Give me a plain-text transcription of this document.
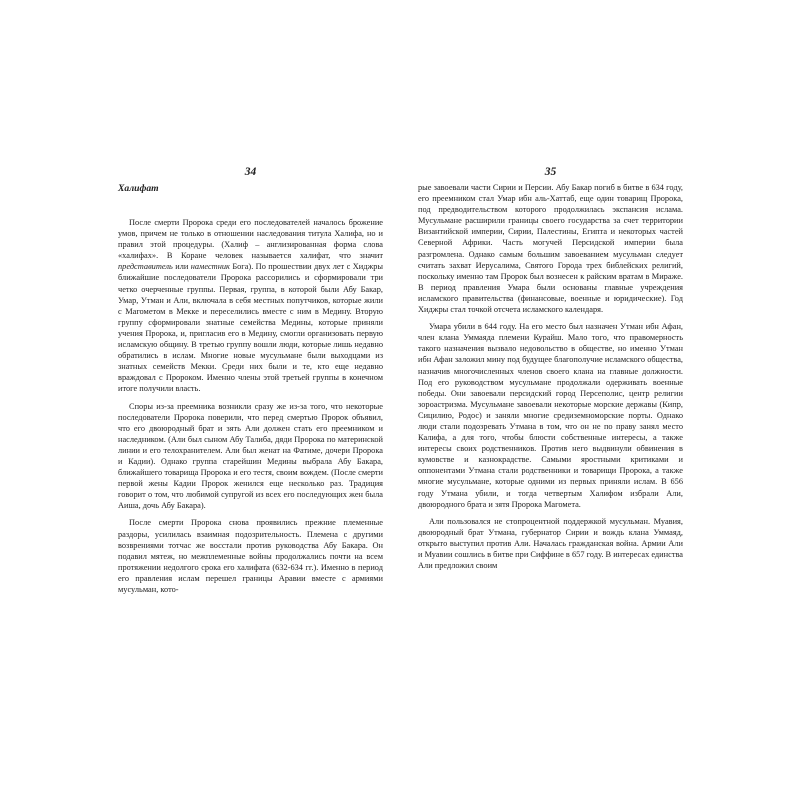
34
Халифат

После смерти Пророка среди его последователей началось брожение умов, причем не только в отношении наследования титула Халифа, но и правил этой процедуры. (Халиф – англизированная форма слова «халифах». В Коране человек называется халифат, что значит представитель или наместник Бога). По прошествии двух лет с Хиджры ближайшие последователи Пророка рассорились и сформировали три четко очерченные группы. Первая, группа, в которой были Абу Бакар, Умар, Утман и Али, включала в себя местных попутчиков, которые жили с Магометом в Мекке и переселились вместе с ним в Медину. Вторую группу сформировали знатные семейства Медины, которые приняли учения Пророка, и, пригласив его в Медину, смогли организовать первую исламскую общину. В третью группу вошли люди, которые лишь недавно обратились в ислам. Многие новые мусульмане были выходцами из знатных семейств Мекки. Среди них были и те, кто еще недавно враждовал с Пророком. Именно члены этой третьей группы в конечном итоге получили власть.

Споры из-за преемника возникли сразу же из-за того, что некоторые последователи Пророка поверили, что перед смертью Пророк объявил, что его двоюродный брат и зять Али должен стать его преемником и наследником. (Али был сыном Абу Талиба, дяди Пророка по материнской линии и его телохранителем. Али был женат на Фатиме, дочери Пророка и Кадии). Однако группа старейшин Медины выбрала Абу Бакара, ближайшего товарища Пророка и его тестя, своим вождем. (После смерти первой жены Кадии Пророк женился еще несколько раз. Традиция говорит о том, что любимой супругой из всех его последующих жен была Аиша, дочь Абу Бакара).

После смерти Пророка снова проявились прежние племенные раздоры, усилилась взаимная подозрительность. Племена с другими возврениями тотчас же восстали против руководства Абу Бакара. Он подавил мятеж, но межплеменные войны продолжались почти на всем протяжении недолгого срока его халифата (632-634 гг.). Именно в период его правления ислам перешел границы Аравии вместе с армиями мусульман, кото-

35

рые завоевали части Сирии и Персии. Абу Бакар погиб в битве в 634 году, его преемником стал Умар ибн аль-Хаттаб, еще один товарищ Пророка, под предводительством которого продолжилась экспансия ислама. Мусульмане расширили границы своего государства за счет территории Византийской империи, Сирии, Палестины, Египта и некоторых частей Северной Африки. Часть могучей Персидской империи была разгромлена. Однако самым большим завоеванием мусульман следует считать захват Иерусалима, Святого Города трех библейских религий, поскольку именно там Пророк был вознесен к райским вратам в Мираже. В период правления Умара были основаны главные учреждения исламского правительства (финансовые, военные и юридические). Год Хиджры стал точкой отсчета исламского календаря.

Умара убили в 644 году. На его место был назначен Утман ибн Афан, член клана Уммаяда племени Курайш. Мало того, что правомерность такого назначения вызвало недовольство в обществе, но именно Утман ибн Афан заложил мину под будущее благополучие исламского общества, назначив многочисленных членов своего клана на главные должности. Под его руководством мусульмане продолжали одерживать военные победы. Они завоевали персидский город Персеполис, центр религии зороастризма. Мусульмане завоевали некоторые морские державы (Кипр, Сицилию, Родос) и заняли многие средиземноморские порты. Однако люди стали подозревать Утмана в том, что он не по праву занял место Калифа, а для того, чтобы блюсти собственные интересы, а также интересы своих родственников. Против него выдвинули обвинения в кумовстве и казнокрадстве. Самыми яростными критиками и оппонентами Утмана стали родственники и товарищи Пророка, а также многие мусульмане, которые одними из первых приняли ислам. В 656 году Утмана убили, и тогда четвертым Халифом избрали Али, двоюродного брата и зятя Пророка Магомета.

Али пользовался не стопроцентной поддержкой мусульман. Муавия, двоюродный брат Утмана, губернатор Сирии и вождь клана Уммаяд, открыто выступил против Али. Началась гражданская война. Армии Али и Муавии сошлись в битве при Сиффине в 657 году. В интересах единства Али предложил своим
